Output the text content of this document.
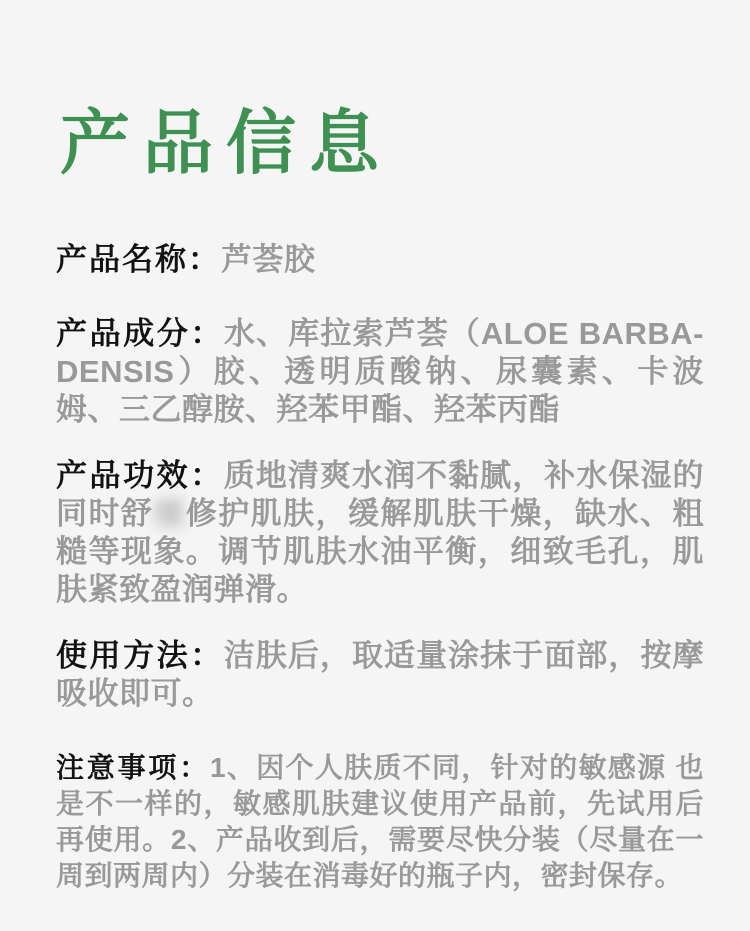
产品信息

产品名称：芦荟胶

产品成分：水、库拉索芦荟（ALOE BARBA-DENSIS）胶、透明质酸钠、尿囊素、卡波姆、三乙醇胺、羟苯甲酯、羟苯丙酯

产品功效：质地清爽水润不黏腻，补水保湿的同时舒缓修护肌肤，缓解肌肤干燥，缺水、粗糙等现象。调节肌肤水油平衡，细致毛孔，肌肤紧致盈润弹滑。

使用方法：洁肤后，取适量涂抹于面部，按摩吸收即可。

注意事项：1、因个人肤质不同，针对的敏感源 也是不一样的，敏感肌肤建议使用产品前，先试用后再使用。2、产品收到后，需要尽快分装（尽量在一周到两周内）分装在消毒好的瓶子内，密封保存。
